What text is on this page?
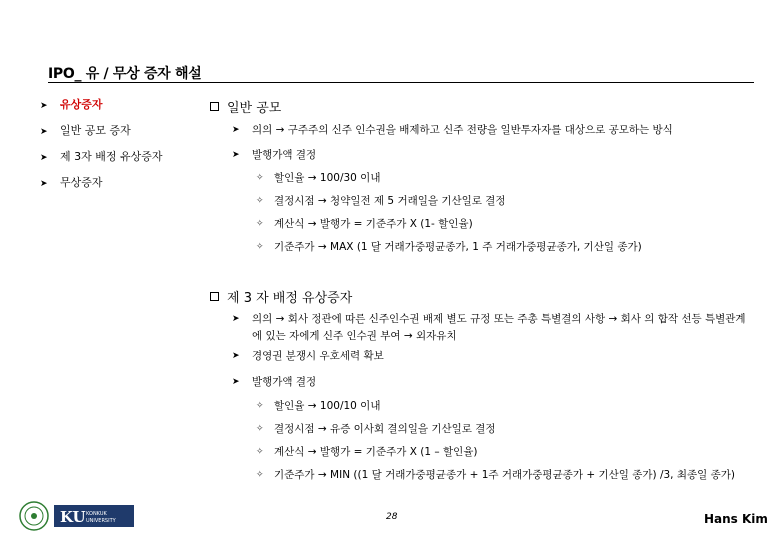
IPO_ 유 / 무상 증자 해설
➤ 유상증자
➤ 일반 공모 증자
➤ 제 3자 배정 유상증자
➤ 무상증자
일반 공모
➤	의의 → 구주주의 신주 인수권을 배제하고 신주 전량을 일반투자자를 대상으로 공모하는 방식
➤	발행가액 결정
✧ 할인율 → 100/30 이내
✧ 결정시점 → 청약일전 제 5 거래일을 기산일로 결정
✧ 계산식 → 발행가 = 기준주가 X (1- 할인율)
✧ 기준주가 → MAX (1 달 거래가중평균종가, 1 주 거래가중평균종가, 기산일 종가)
제 3 자 배정 유상증자
➤	의의 → 회사 정관에 따른 신주인수권 배제 별도 규정 또는 주총 특별결의 사항 → 회사 의 합작 선등 특별관계에 있는 자에게 신주 인수권 부여 → 외자유치
➤	경영권 분쟁시 우호세력 확보
➤	발행가액 결정
✧ 할인율 → 100/10 이내
✧ 결정시점 → 유증 이사회 결의일을 기산일로 결정
✧ 계산식 → 발행가 = 기준주가 X (1 – 할인율)
✧ 기준주가 → MIN ((1 달 거래가중평균종가 + 1주 거래가중평균종가 + 기산일 종가) /3, 최종일 종가)
KU KONKUK
UNIVERSITY	28	Hans Kim
